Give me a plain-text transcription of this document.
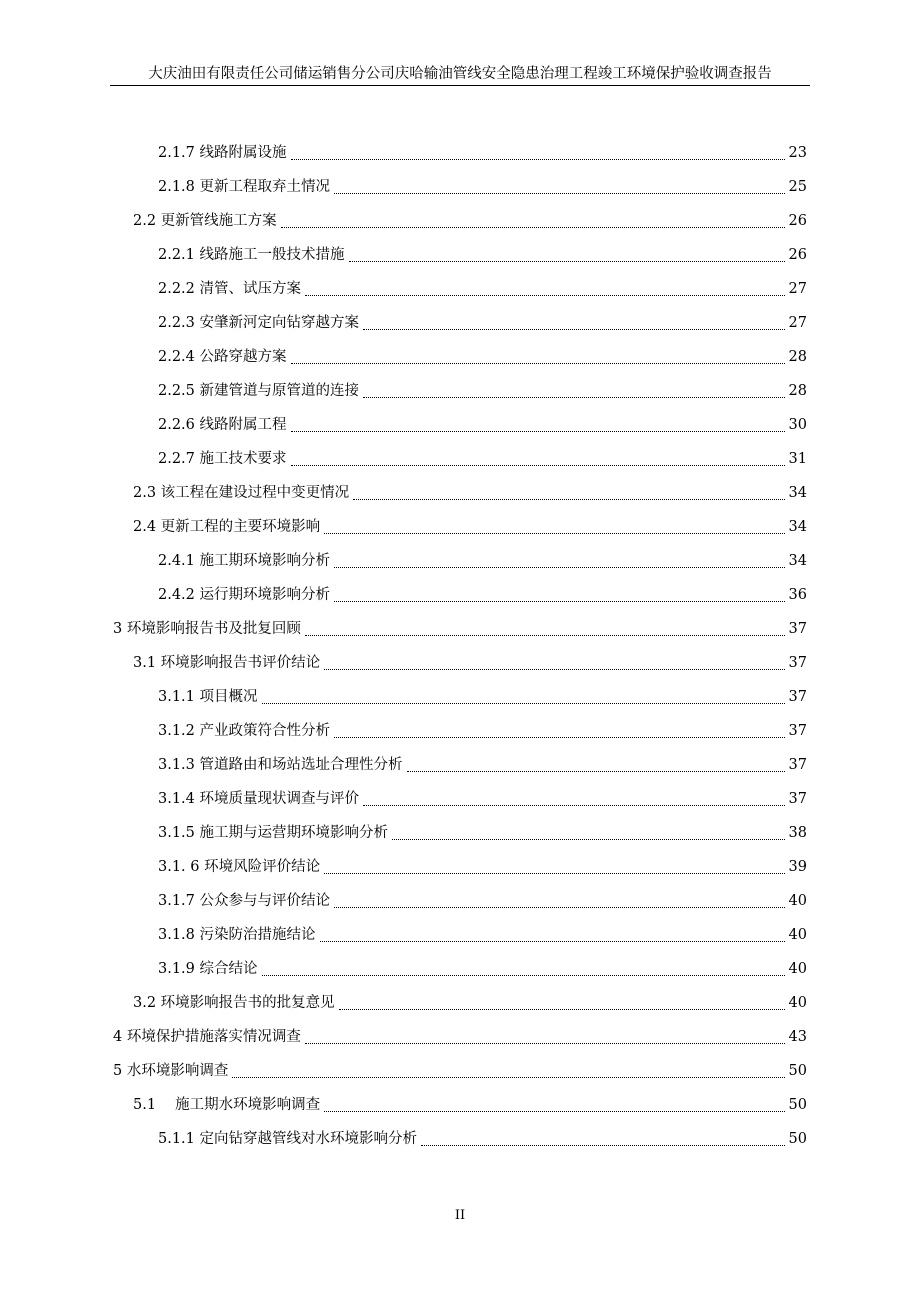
大庆油田有限责任公司储运销售分公司庆哈输油管线安全隐患治理工程竣工环境保护验收调查报告
2.1.7 线路附属设施	23
2.1.8 更新工程取弃土情况	25
2.2 更新管线施工方案	26
2.2.1 线路施工一般技术措施	26
2.2.2 清管、试压方案	27
2.2.3 安肇新河定向钻穿越方案	27
2.2.4 公路穿越方案	28
2.2.5 新建管道与原管道的连接	28
2.2.6 线路附属工程	30
2.2.7 施工技术要求	31
2.3 该工程在建设过程中变更情况	34
2.4 更新工程的主要环境影响	34
2.4.1 施工期环境影响分析	34
2.4.2 运行期环境影响分析	36
3 环境影响报告书及批复回顾	37
3.1 环境影响报告书评价结论	37
3.1.1 项目概况	37
3.1.2 产业政策符合性分析	37
3.1.3 管道路由和场站选址合理性分析	37
3.1.4 环境质量现状调查与评价	37
3.1.5 施工期与运营期环境影响分析	38
3.1. 6 环境风险评价结论	39
3.1.7 公众参与与评价结论	40
3.1.8 污染防治措施结论	40
3.1.9 综合结论	40
3.2 环境影响报告书的批复意见	40
4 环境保护措施落实情况调查	43
5 水环境影响调查	50
5.1　 施工期水环境影响调查	50
5.1.1 定向钻穿越管线对水环境影响分析	50
II
